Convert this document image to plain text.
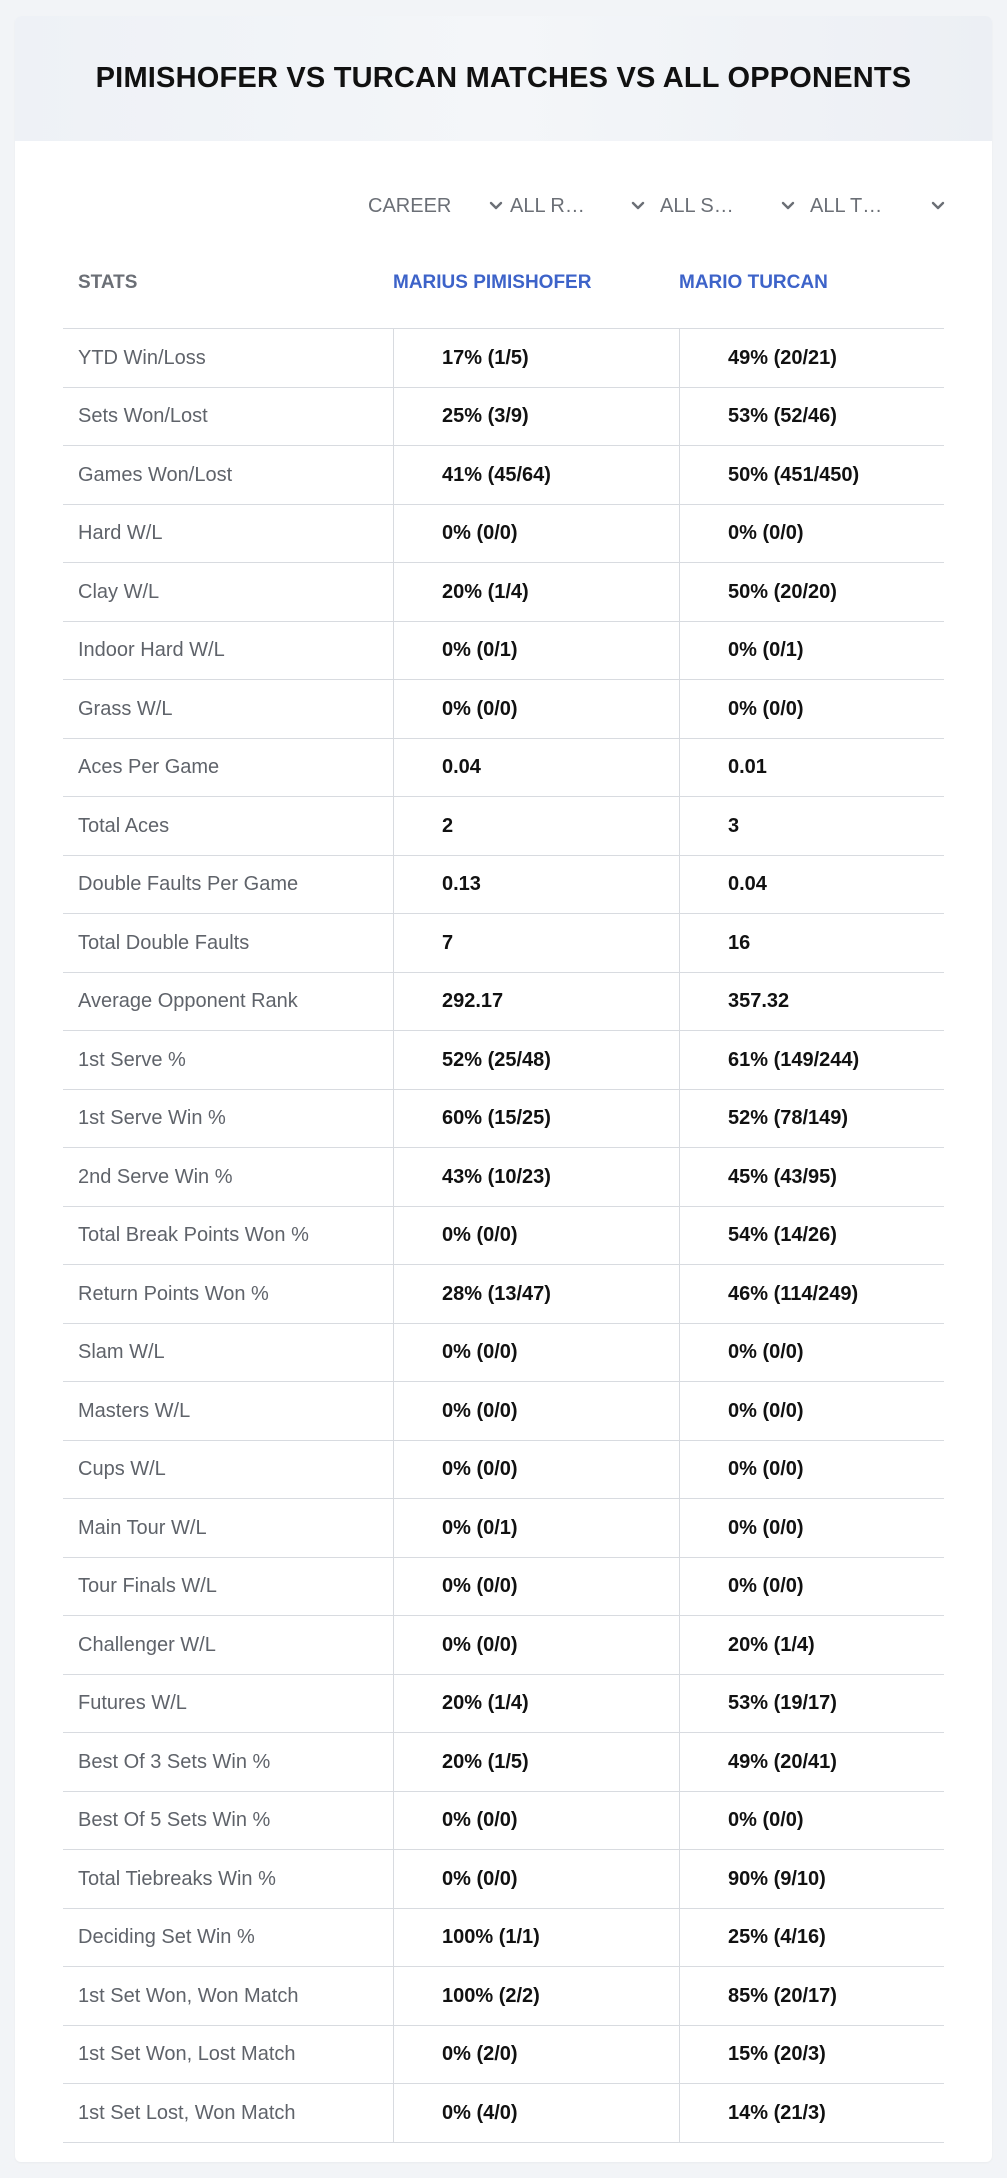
PIMISHOFER VS TURCAN MATCHES VS ALL OPPONENTS
CAREER	ALL R…	ALL S…	ALL T…
STATS	MARIUS PIMISHOFER	MARIO TURCAN
YTD Win/Loss	17% (1/5)	49% (20/21)
Sets Won/Lost	25% (3/9)	53% (52/46)
Games Won/Lost	41% (45/64)	50% (451/450)
Hard W/L	0% (0/0)	0% (0/0)
Clay W/L	20% (1/4)	50% (20/20)
Indoor Hard W/L	0% (0/1)	0% (0/1)
Grass W/L	0% (0/0)	0% (0/0)
Aces Per Game	0.04	0.01
Total Aces	2	3
Double Faults Per Game	0.13	0.04
Total Double Faults	7	16
Average Opponent Rank	292.17	357.32
1st Serve %	52% (25/48)	61% (149/244)
1st Serve Win %	60% (15/25)	52% (78/149)
2nd Serve Win %	43% (10/23)	45% (43/95)
Total Break Points Won %	0% (0/0)	54% (14/26)
Return Points Won %	28% (13/47)	46% (114/249)
Slam W/L	0% (0/0)	0% (0/0)
Masters W/L	0% (0/0)	0% (0/0)
Cups W/L	0% (0/0)	0% (0/0)
Main Tour W/L	0% (0/1)	0% (0/0)
Tour Finals W/L	0% (0/0)	0% (0/0)
Challenger W/L	0% (0/0)	20% (1/4)
Futures W/L	20% (1/4)	53% (19/17)
Best Of 3 Sets Win %	20% (1/5)	49% (20/41)
Best Of 5 Sets Win %	0% (0/0)	0% (0/0)
Total Tiebreaks Win %	0% (0/0)	90% (9/10)
Deciding Set Win %	100% (1/1)	25% (4/16)
1st Set Won, Won Match	100% (2/2)	85% (20/17)
1st Set Won, Lost Match	0% (2/0)	15% (20/3)
1st Set Lost, Won Match	0% (4/0)	14% (21/3)
